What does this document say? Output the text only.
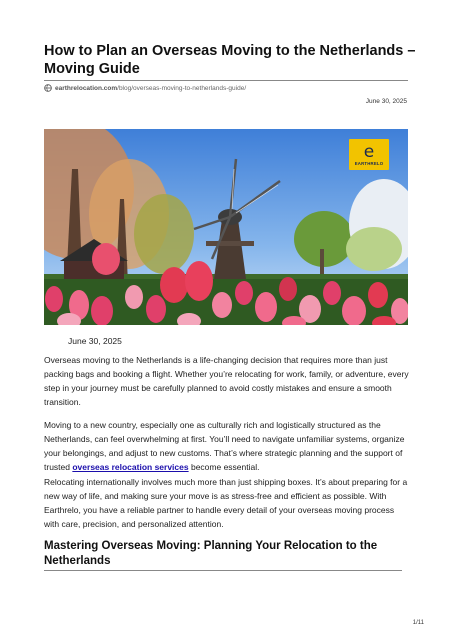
How to Plan an Overseas Moving to the Netherlands – Moving Guide
earthrelocation.com /blog/overseas-moving-to-netherlands-guide/
June 30, 2025
e
EARTHRELO
June 30, 2025

Overseas moving to the Netherlands is a life-changing decision that requires more than just packing bags and booking a flight. Whether you’re relocating for work, family, or adventure, every step in your journey must be carefully planned to avoid costly mistakes and ensure a smooth transition.

Moving to a new country, especially one as culturally rich and logistically structured as the Netherlands, can feel overwhelming at first. You’ll need to navigate unfamiliar systems, organize your belongings, and adjust to new customs. That’s where strategic planning and the support of trusted overseas relocation services become essential.

Relocating internationally involves much more than just shipping boxes. It’s about preparing for a new way of life, and making sure your move is as stress-free and efficient as possible. With Earthrelo, you have a reliable partner to handle every detail of your overseas moving process with care, precision, and personalized attention.

Mastering Overseas Moving: Planning Your Relocation to the Netherlands
1/11
